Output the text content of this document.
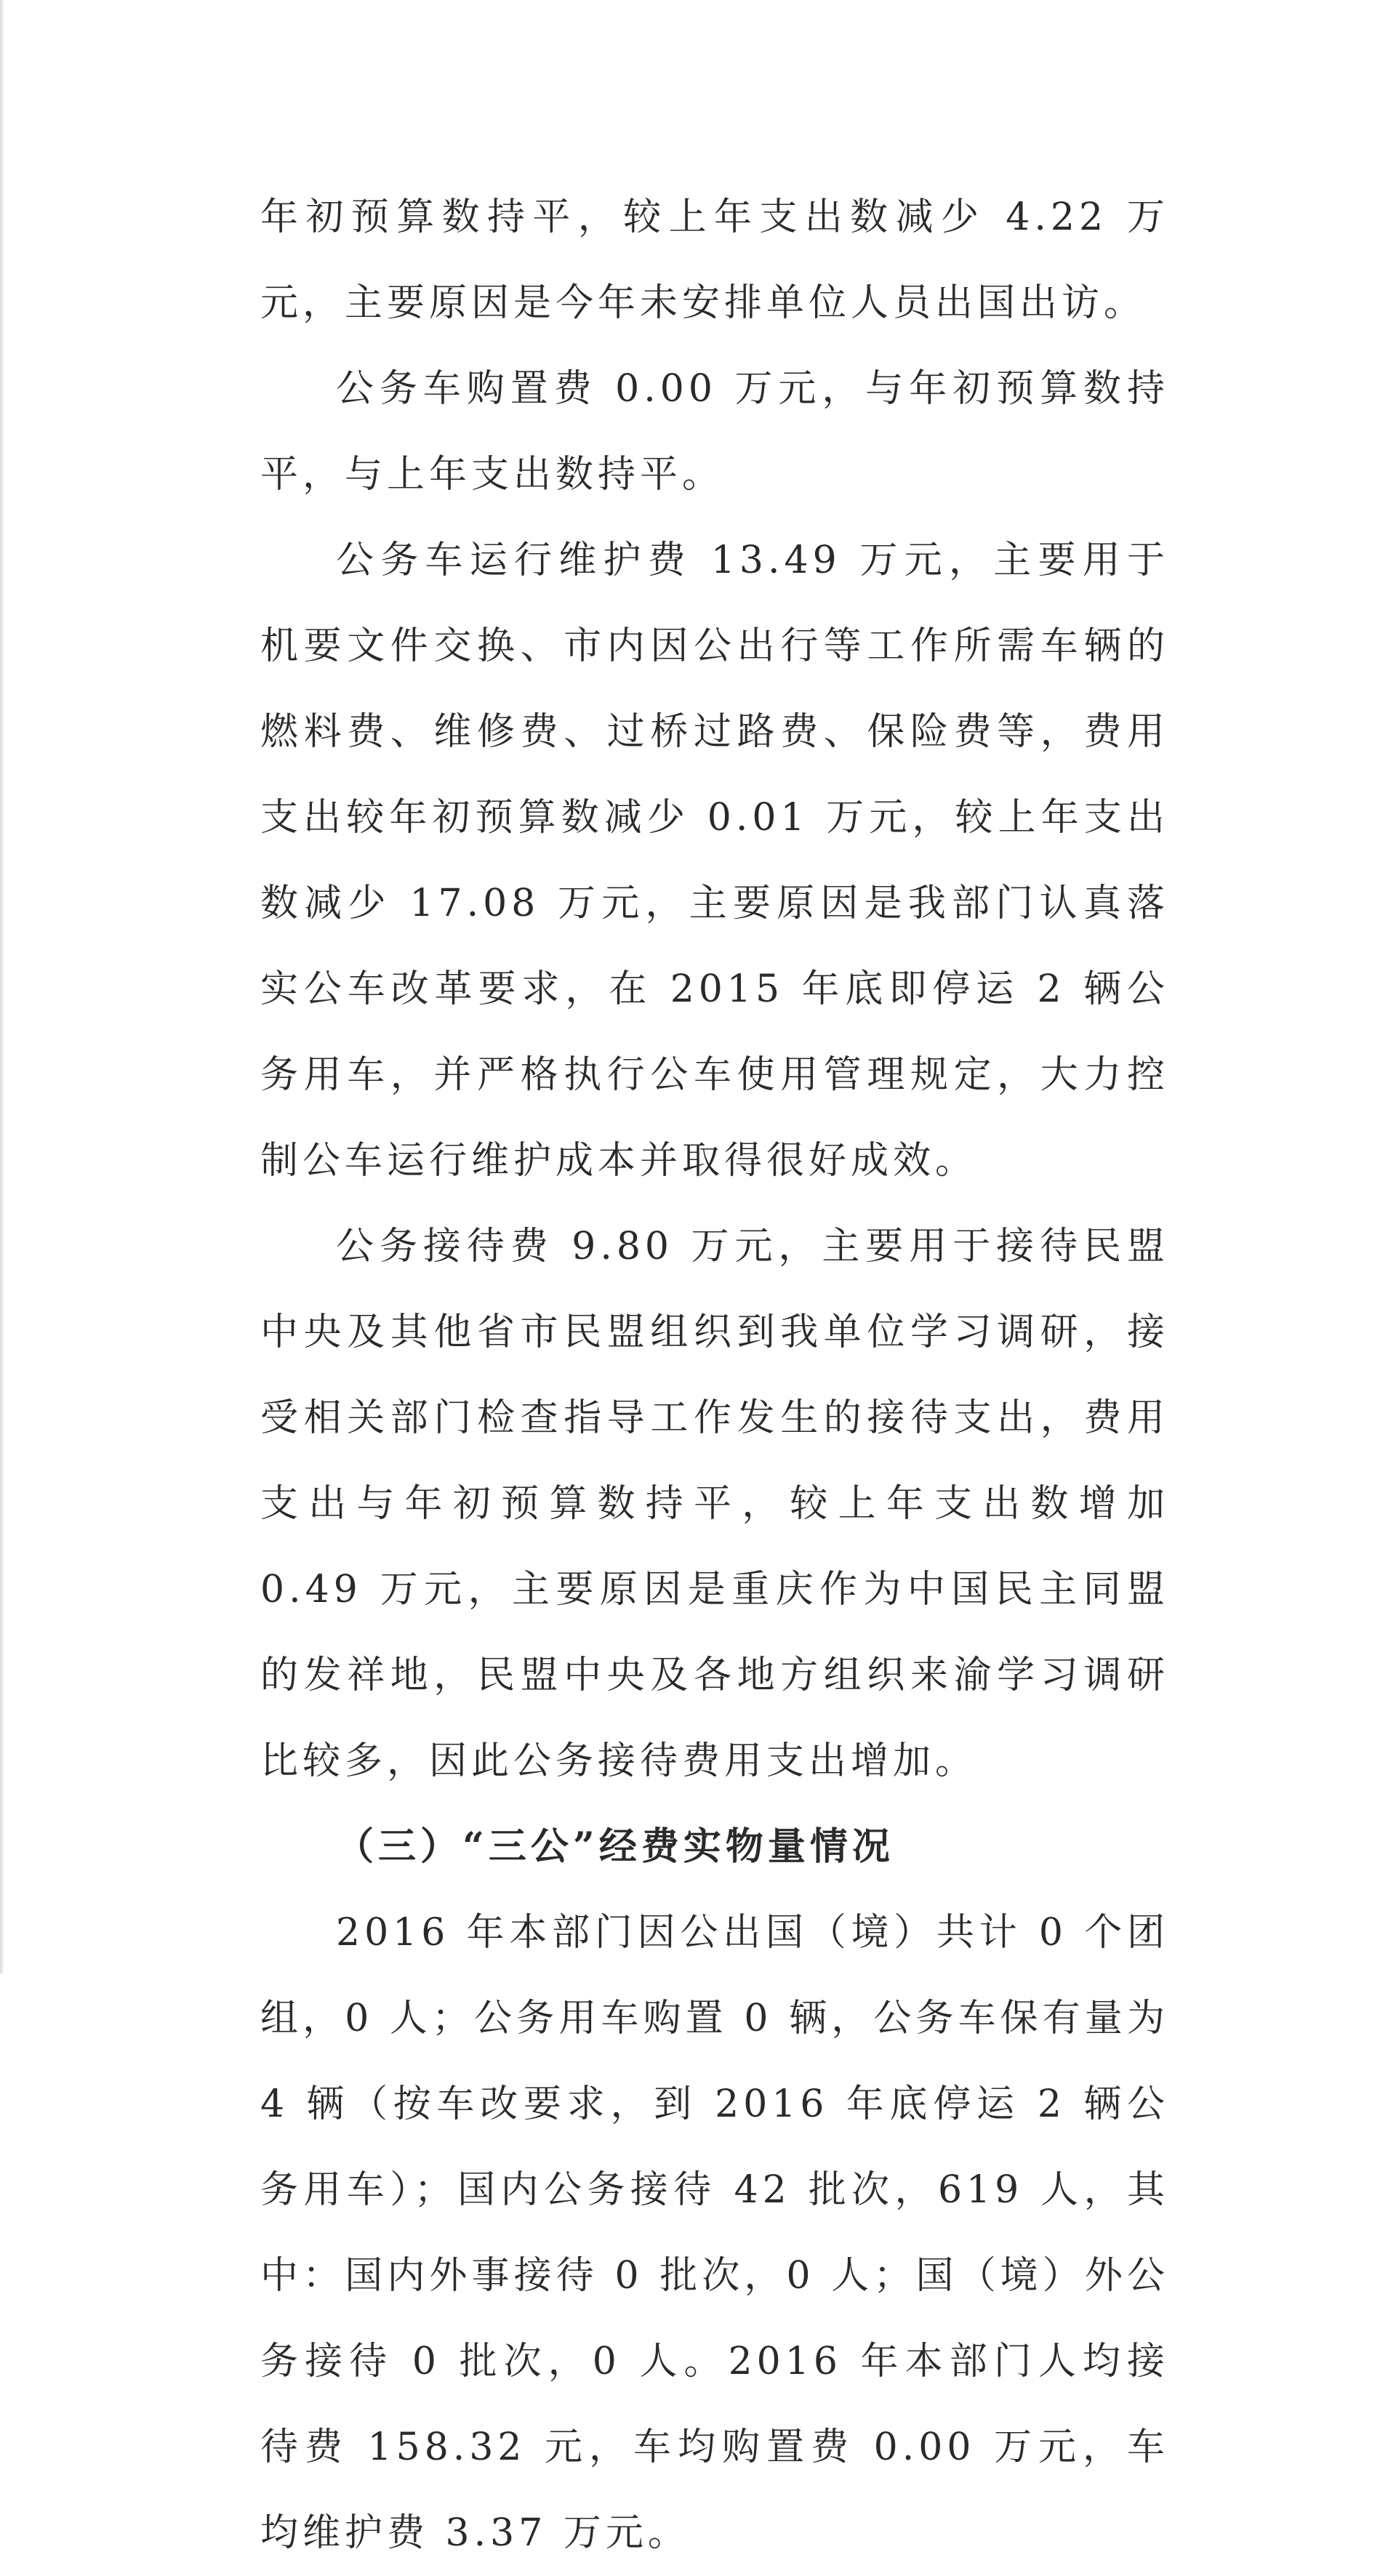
年初预算数持平，较上年支出数减少 4.22 万元，主要原因是今年未安排单位人员出国出访。

公务车购置费 0.00 万元，与年初预算数持平，与上年支出数持平。

公务车运行维护费 13.49 万元，主要用于机要文件交换、市内因公出行等工作所需车辆的燃料费、维修费、过桥过路费、保险费等，费用支出较年初预算数减少 0.01 万元，较上年支出数减少 17.08 万元，主要原因是我部门认真落实公车改革要求，在 2015 年底即停运 2 辆公务用车，并严格执行公车使用管理规定，大力控制公车运行维护成本并取得很好成效。

公务接待费 9.80 万元，主要用于接待民盟中央及其他省市民盟组织到我单位学习调研，接受相关部门检查指导工作发生的接待支出，费用支出与年初预算数持平，较上年支出数增加 0.49 万元，主要原因是重庆作为中国民主同盟的发祥地，民盟中央及各地方组织来渝学习调研比较多，因此公务接待费用支出增加。

（三）“三公”经费实物量情况

2016 年本部门因公出国（境）共计 0 个团组，0 人；公务用车购置 0 辆，公务车保有量为 4 辆（按车改要求，到 2016 年底停运 2 辆公务用车）；国内公务接待 42 批次，619 人，其中：国内外事接待 0 批次，0 人；国（境）外公务接待 0 批次，0 人。2016 年本部门人均接待费 158.32 元，车均购置费 0.00 万元，车均维护费 3.37 万元。
